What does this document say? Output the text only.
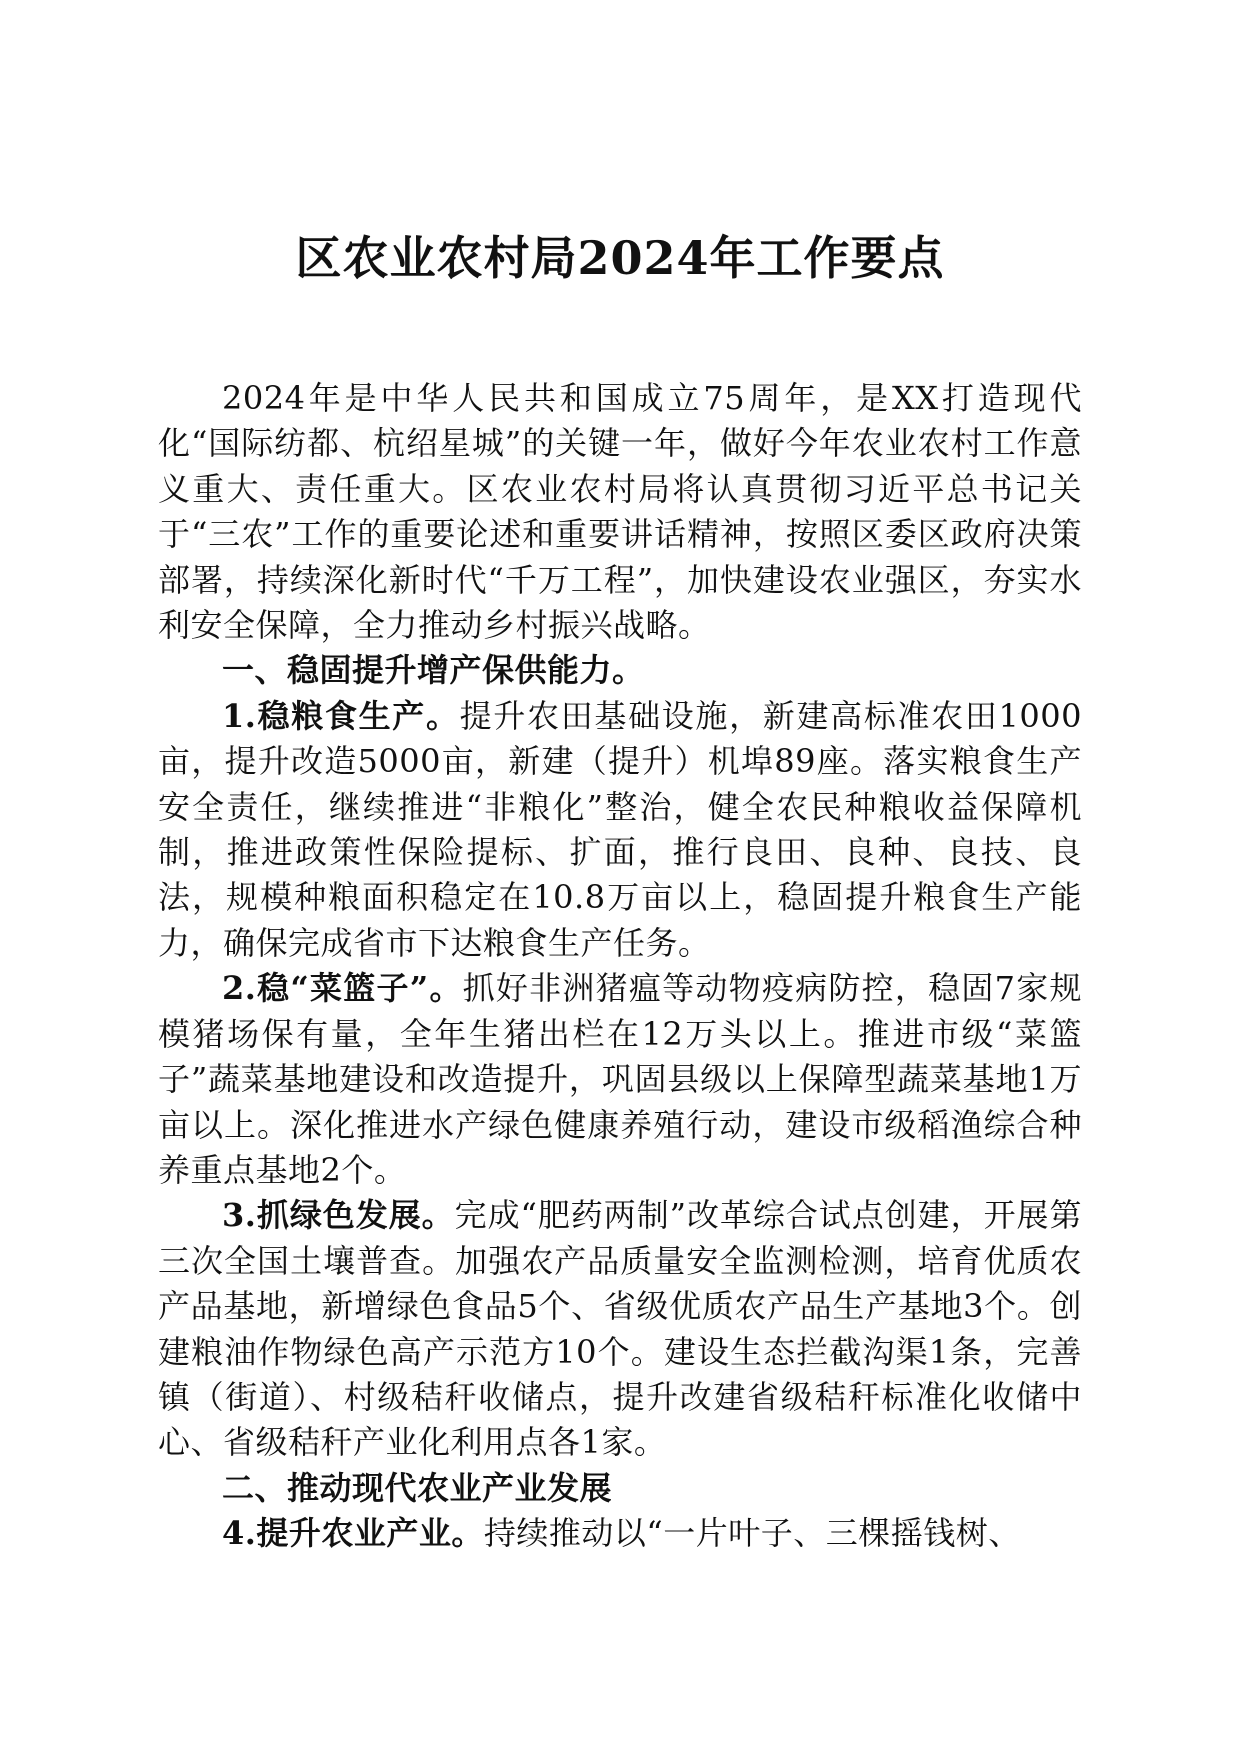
区农业农村局2024年工作要点

2024年是中华人民共和国成立75周年，是XX打造现代化“国际纺都、杭绍星城”的关键一年，做好今年农业农村工作意义重大、责任重大。区农业农村局将认真贯彻习近平总书记关于“三农”工作的重要论述和重要讲话精神，按照区委区政府决策部署，持续深化新时代“千万工程”，加快建设农业强区，夯实水利安全保障，全力推动乡村振兴战略。

一、稳固提升增产保供能力。

1.稳粮食生产。提升农田基础设施，新建高标准农田1000亩，提升改造5000亩，新建（提升）机埠89座。落实粮食生产安全责任，继续推进“非粮化”整治，健全农民种粮收益保障机制，推进政策性保险提标、扩面，推行良田、良种、良技、良法，规模种粮面积稳定在10.8万亩以上，稳固提升粮食生产能力，确保完成省市下达粮食生产任务。

2.稳“菜篮子”。抓好非洲猪瘟等动物疫病防控，稳固7家规模猪场保有量，全年生猪出栏在12万头以上。推进市级“菜篮子”蔬菜基地建设和改造提升，巩固县级以上保障型蔬菜基地1万亩以上。深化推进水产绿色健康养殖行动，建设市级稻渔综合种养重点基地2个。

3.抓绿色发展。完成“肥药两制”改革综合试点创建，开展第三次全国土壤普查。加强农产品质量安全监测检测，培育优质农产品基地，新增绿色食品5个、省级优质农产品生产基地3个。创建粮油作物绿色高产示范方10个。建设生态拦截沟渠1条，完善镇（街道）、村级秸秆收储点，提升改建省级秸秆标准化收储中心、省级秸秆产业化利用点各1家。

二、推动现代农业产业发展

4.提升农业产业。持续推动以“一片叶子、三棵摇钱树、
